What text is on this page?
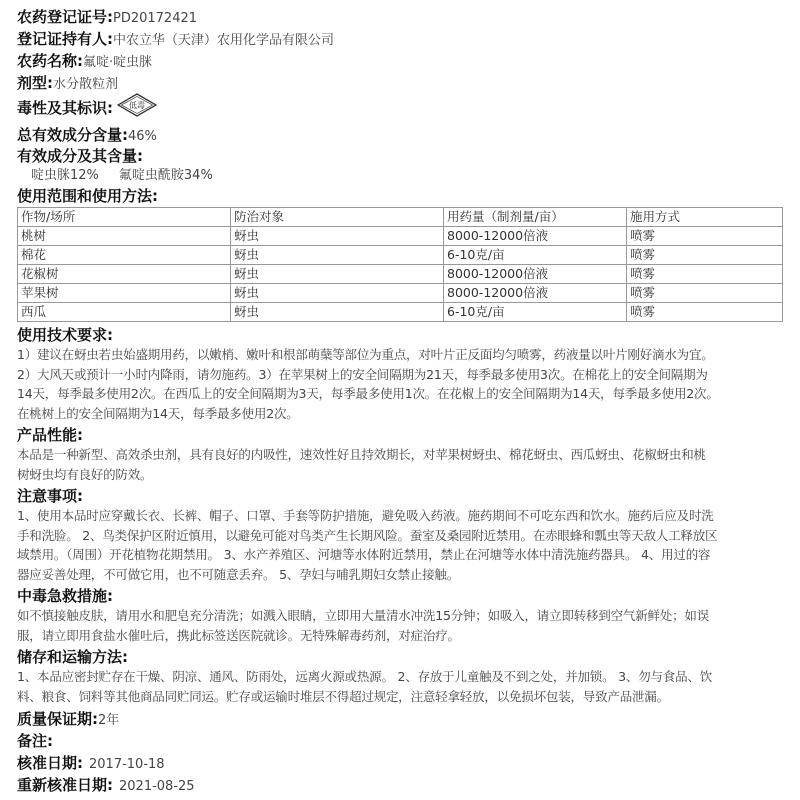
农药登记证号: PD20172421
登记证持有人: 中农立华（天津）农用化学品有限公司
农药名称: 氟啶·啶虫脒
剂型: 水分散粒剂
毒性及其标识: 低毒
总有效成分含量: 46%
有效成分及其含量:
啶虫脒12% 氟啶虫酰胺34%
使用范围和使用方法:
作物/场所	防治对象	用药量（制剂量/亩）	施用方式
桃树	蚜虫	8000-12000倍液	喷雾
棉花	蚜虫	6-10克/亩	喷雾
花椒树	蚜虫	8000-12000倍液	喷雾
苹果树	蚜虫	8000-12000倍液	喷雾
西瓜	蚜虫	6-10克/亩	喷雾
使用技术要求:
1）建议在蚜虫若虫始盛期用药，以嫩梢、嫩叶和根部萌蘖等部位为重点，对叶片正反面均匀喷雾，药液量以叶片刚好滴水为宜。
2）大风天或预计一小时内降雨，请勿施药。3）在苹果树上的安全间隔期为21天，每季最多使用3次。在棉花上的安全间隔期为
14天，每季最多使用2次。在西瓜上的安全间隔期为3天，每季最多使用1次。在花椒上的安全间隔期为14天，每季最多使用2次。
在桃树上的安全间隔期为14天，每季最多使用2次。
产品性能:
本品是一种新型、高效杀虫剂，具有良好的内吸性，速效性好且持效期长，对苹果树蚜虫、棉花蚜虫、西瓜蚜虫、花椒蚜虫和桃
树蚜虫均有良好的防效。
注意事项:
1、使用本品时应穿戴长衣、长裤、帽子、口罩、手套等防护措施，避免吸入药液。施药期间不可吃东西和饮水。施药后应及时洗
手和洗脸。 2、鸟类保护区附近慎用，以避免可能对鸟类产生长期风险。蚕室及桑园附近禁用。在赤眼蜂和瓢虫等天敌人工释放区
域禁用。（周围）开花植物花期禁用。 3、水产养殖区、河塘等水体附近禁用，禁止在河塘等水体中清洗施药器具。 4、用过的容
器应妥善处理，不可做它用，也不可随意丢弃。 5、孕妇与哺乳期妇女禁止接触。
中毒急救措施:
如不慎接触皮肤，请用水和肥皂充分清洗；如溅入眼睛，立即用大量清水冲洗15分钟；如吸入，请立即转移到空气新鲜处；如误
服，请立即用食盐水催吐后，携此标签送医院就诊。无特殊解毒药剂，对症治疗。
储存和运输方法:
1、本品应密封贮存在干燥、阴凉、通风、防雨处，远离火源或热源。 2、存放于儿童触及不到之处，并加锁。 3、勿与食品、饮
料、粮食、饲料等其他商品同贮同运。贮存或运输时堆层不得超过规定，注意轻拿轻放，以免损坏包装，导致产品泄漏。
质量保证期: 2年
备注:
核准日期: 2017-10-18
重新核准日期: 2021-08-25
